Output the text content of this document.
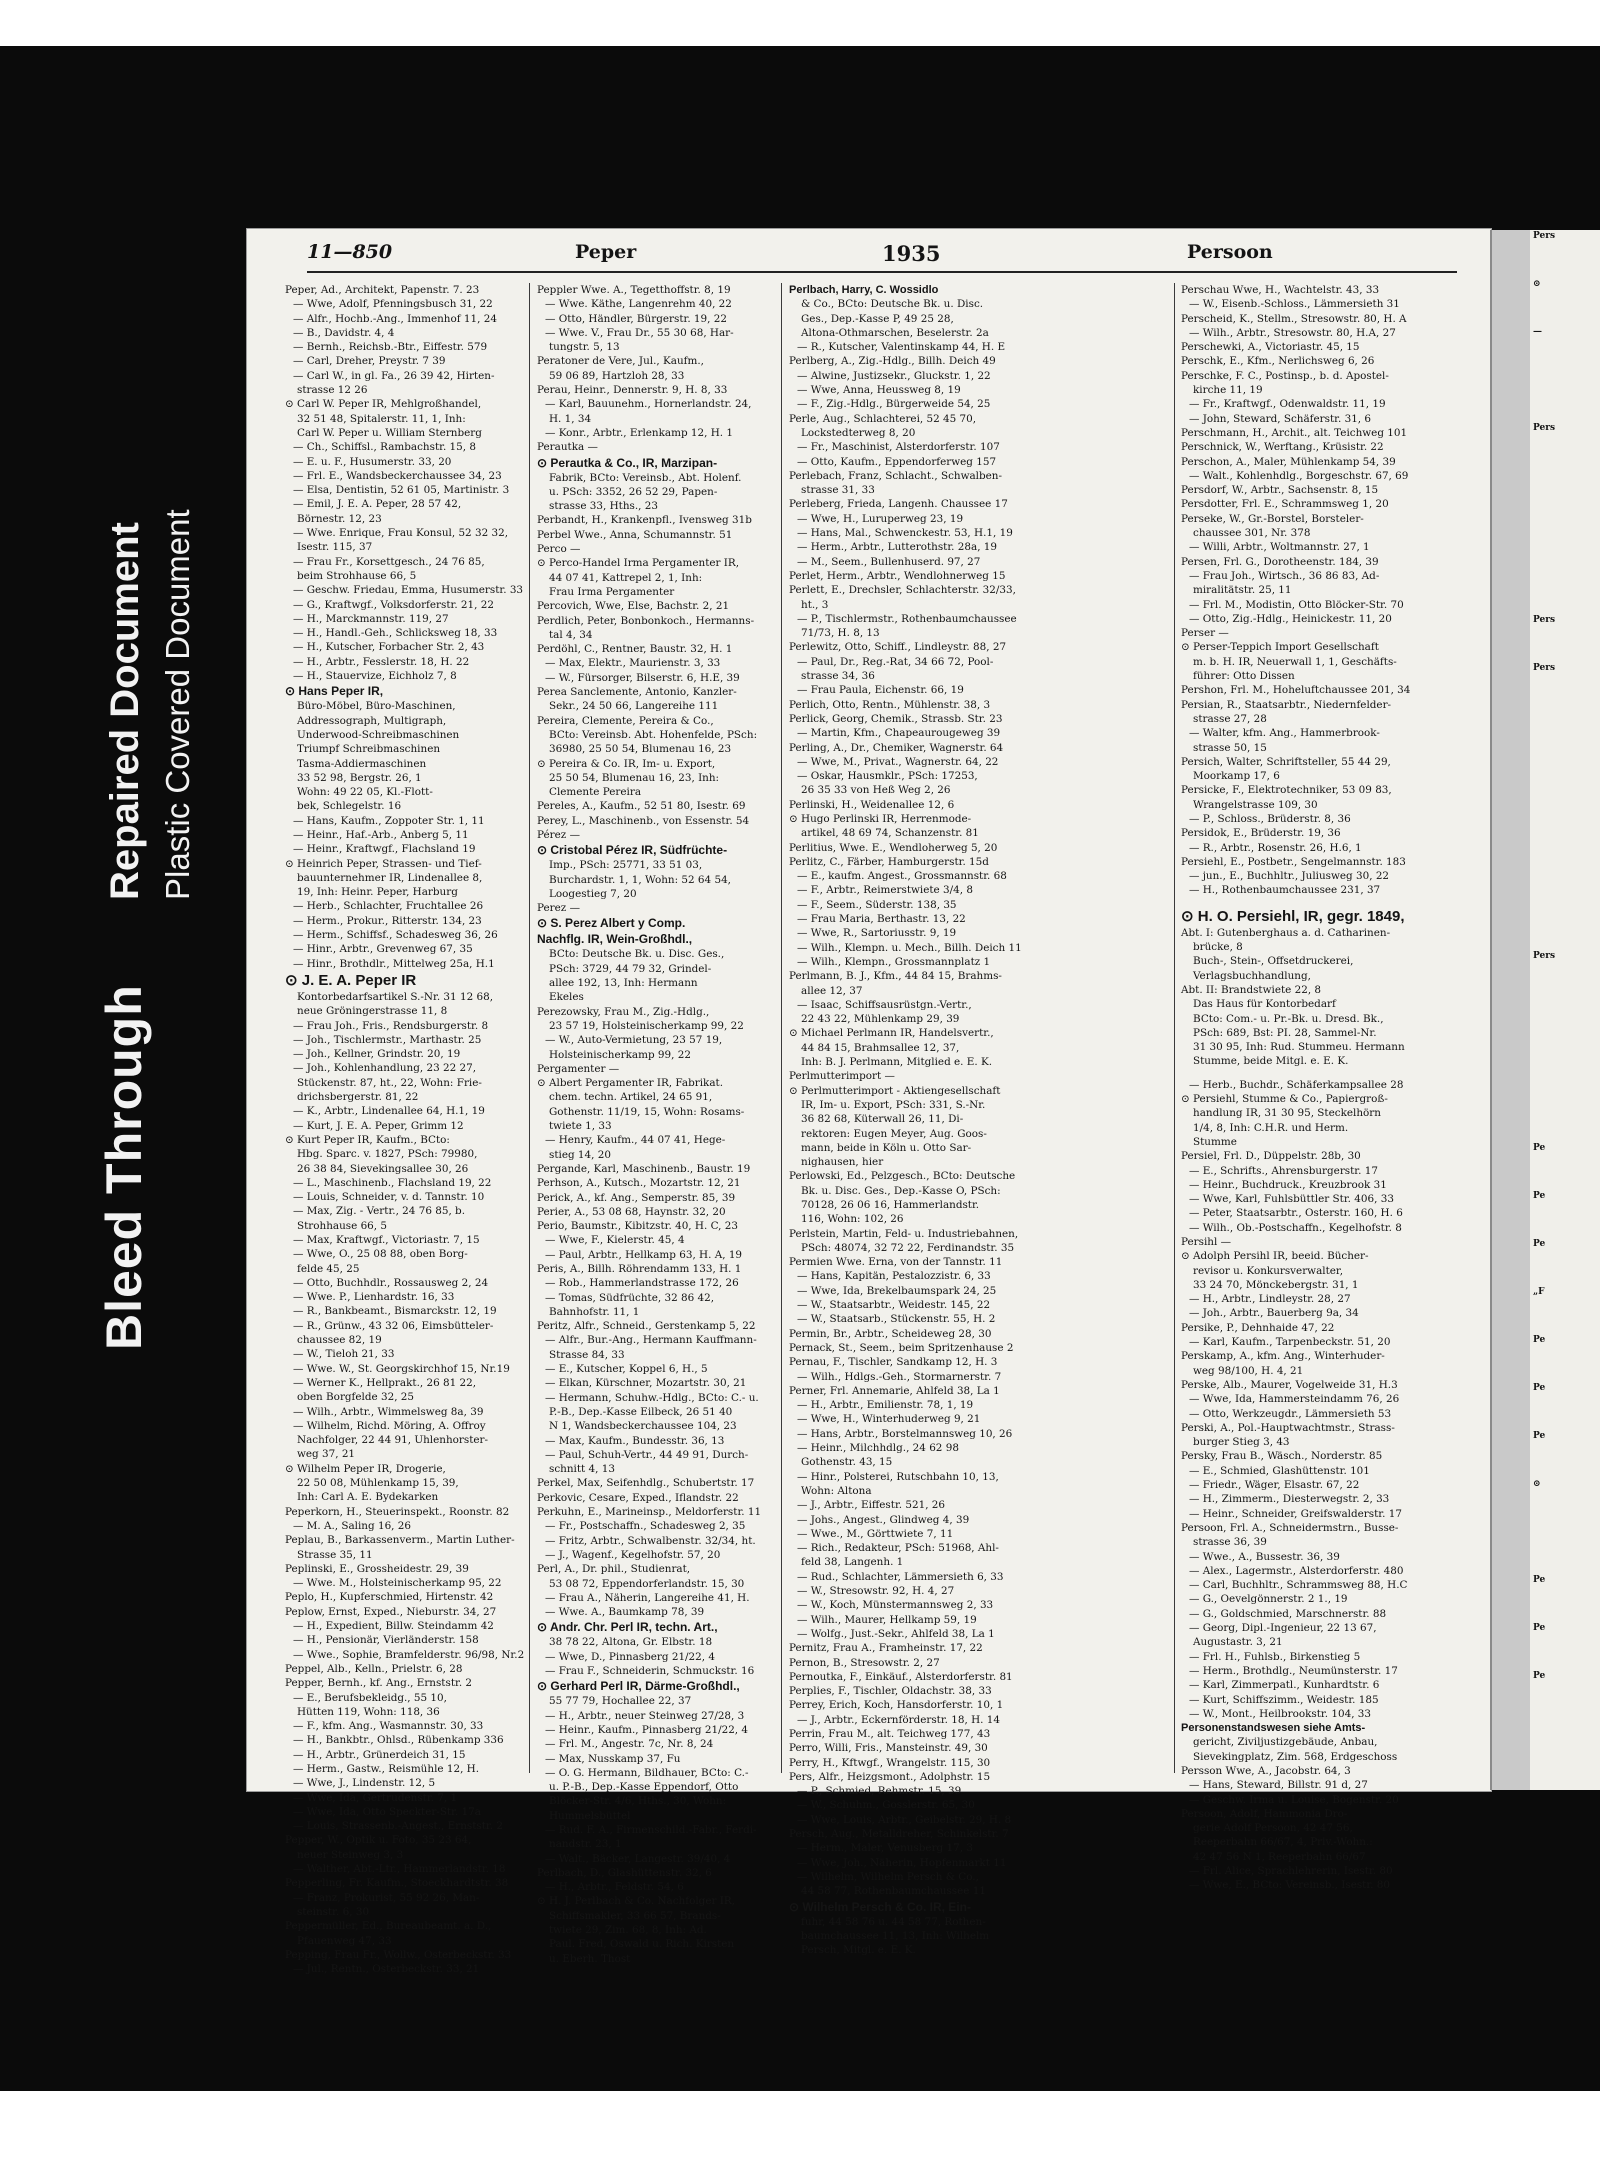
Bleed Through
Repaired Document Plastic Covered Document
11—850	Peper	1935	Persoon
Peper, Ad., Architekt, Papenstr. 7. 23
— Wwe, Adolf, Pfenningsbusch 31, 22
— Alfr., Hochb.-Ang., Immenhof 11, 24
— B., Davidstr. 4, 4
— Bernh., Reichsb.-Btr., Eiffestr. 579
— Carl, Dreher, Preystr. 7 39
— Carl W., in gl. Fa., 26 39 42, Hirten-
strasse 12 26
⊙ Carl W. Peper IR, Mehlgroßhandel,
32 51 48, Spitalerstr. 11, 1, Inh:
Carl W. Peper u. William Sternberg
— Ch., Schiffsl., Rambachstr. 15, 8
— E. u. F., Husumerstr. 33, 20
— Frl. E., Wandsbeckerchaussee 34, 23
— Elsa, Dentistin, 52 61 05, Martinistr. 3
— Emil, J. E. A. Peper, 28 57 42,
Börnestr. 12, 23
— Wwe. Enrique, Frau Konsul, 52 32 32,
Isestr. 115, 37
— Frau Fr., Korsettgesch., 24 76 85,
beim Strohhause 66, 5
— Geschw. Friedau, Emma, Husumerstr. 33
— G., Kraftwgf., Volksdorferstr. 21, 22
— H., Marckmannstr. 119, 27
— H., Handl.-Geh., Schlicksweg 18, 33
— H., Kutscher, Forbacher Str. 2, 43
— H., Arbtr., Fesslerstr. 18, H. 22
— H., Stauervize, Eichholz 7, 8
⊙ Hans Peper IR,
Büro-Möbel, Büro-Maschinen,
Addressograph, Multigraph,
Underwood-Schreibmaschinen
Triumpf Schreibmaschinen
Tasma-Addiermaschinen
33 52 98, Bergstr. 26, 1
Wohn: 49 22 05, Kl.-Flott-
bek, Schlegelstr. 16
— Hans, Kaufm., Zoppoter Str. 1, 11
— Heinr., Haf.-Arb., Anberg 5, 11
— Heinr., Kraftwgf., Flachsland 19
⊙ Heinrich Peper, Strassen- und Tief-
bauunternehmer IR, Lindenallee 8,
19, Inh: Heinr. Peper, Harburg
— Herb., Schlachter, Fruchtallee 26
— Herm., Prokur., Ritterstr. 134, 23
— Herm., Schiffsf., Schadesweg 36, 26
— Hinr., Arbtr., Grevenweg 67, 35
— Hinr., Brothdlr., Mittelweg 25a, H.1
⊙ J. E. A. Peper IR
Kontorbedarfsartikel S.-Nr. 31 12 68,
neue Gröningerstrasse 11, 8
— Frau Joh., Fris., Rendsburgerstr. 8
— Joh., Tischlermstr., Marthastr. 25
— Joh., Kellner, Grindstr. 20, 19
— Joh., Kohlenhandlung, 23 22 27,
Stückenstr. 87, ht., 22, Wohn: Frie-
drichsbergerstr. 81, 22
— K., Arbtr., Lindenallee 64, H.1, 19
— Kurt, J. E. A. Peper, Grimm 12
⊙ Kurt Peper IR, Kaufm., BCto:
Hbg. Sparc. v. 1827, PSch: 79980,
26 38 84, Sievekingsallee 30, 26
— L., Maschinenb., Flachsland 19, 22
— Louis, Schneider, v. d. Tannstr. 10
— Max, Zig. - Vertr., 24 76 85, b.
Strohhause 66, 5
— Max, Kraftwgf., Victoriastr. 7, 15
— Wwe, O., 25 08 88, oben Borg-
felde 45, 25
— Otto, Buchhdlr., Rossausweg 2, 24
— Wwe. P., Lienhardstr. 16, 33
— R., Bankbeamt., Bismarckstr. 12, 19
— R., Grünw., 43 32 06, Eimsbütteler-
chaussee 82, 19
— W., Tieloh 21, 33
— Wwe. W., St. Georgskirchhof 15, Nr.19
— Werner K., Hellprakt., 26 81 22,
oben Borgfelde 32, 25
— Wilh., Arbtr., Wimmelsweg 8a, 39
— Wilhelm, Richd. Möring, A. Offroy
Nachfolger, 22 44 91, Uhlenhorster-
weg 37, 21
⊙ Wilhelm Peper IR, Drogerie,
22 50 08, Mühlenkamp 15, 39,
Inh: Carl A. E. Bydekarken
Peperkorn, H., Steuerinspekt., Roonstr. 82
— M. A., Saling 16, 26
Peplau, B., Barkassenverm., Martin Luther-
Strasse 35, 11
Peplinski, E., Grossheidestr. 29, 39
— Wwe. M., Holsteinischerkamp 95, 22
Peplo, H., Kupferschmied, Hirtenstr. 42
Peplow, Ernst, Exped., Nieburstr. 34, 27
— H., Expedient, Billw. Steindamm 42
— H., Pensionär, Vierländerstr. 158
— Wwe., Sophie, Bramfelderstr. 96/98, Nr.2
Peppel, Alb., Kelln., Prielstr. 6, 28
Pepper, Bernh., kf. Ang., Ernststr. 2
— E., Berufsbekleidg., 55 10,
Hütten 119, Wohn: 118, 36
— F., kfm. Ang., Wasmannstr. 30, 33
— H., Bankbtr., Ohlsd., Rübenkamp 336
— H., Arbtr., Grünerdeich 31, 15
— Herm., Gastw., Reismühle 12, H.
— Wwe, J., Lindenstr. 12, 5
— Wwe, Ida, Gertrudenstr. 7, 1
— Wwe, Ida, Otto Speckter-Str. 17a
— Louis, Strassenb.-Angest., Ernststr. 2
Pepper, W., Optik u. Foto, 35 23 64,
neuer Steinweg 3, 3
— Walther, Abt.-Ltr., Hammerlandstr. 18
Pepperling, Fr. Kaufm., Stoeckhardtstr. 38
— Franz, Prokurist, 55 92 26, Man-
steinstr. 6, 30
Peppermüller, Ed., Bureaubeamt. a. D.,
Pfauenweg 47, 33
Pepping, Frau Fr., Wollw., Osterbeckstr. 33
— Jul., Rentn., Osterbeckstr. 33, 21
Peppler Wwe. A., Tegetthoffstr. 8, 19
— Wwe. Käthe, Langenrehm 40, 22
— Otto, Händler, Bürgerstr. 19, 22
— Wwe. V., Frau Dr., 55 30 68, Har-
tungstr. 5, 13
Peratoner de Vere, Jul., Kaufm.,
59 06 89, Hartzloh 28, 33
Perau, Heinr., Dennerstr. 9, H. 8, 33
— Karl, Bauunehm., Hornerlandstr. 24,
H. 1, 34
— Konr., Arbtr., Erlenkamp 12, H. 1
Perautka —
⊙ Perautka & Co., IR, Marzipan-
Fabrik, BCto: Vereinsb., Abt. Holenf.
u. PSch: 3352, 26 52 29, Papen-
strasse 33, Hths., 23
Perbandt, H., Krankenpfl., Ivensweg 31b
Perbel Wwe., Anna, Schumannstr. 51
Perco —
⊙ Perco-Handel Irma Pergamenter IR,
44 07 41, Kattrepel 2, 1, Inh:
Frau Irma Pergamenter
Percovich, Wwe, Else, Bachstr. 2, 21
Perdlich, Peter, Bonbonkoch., Hermanns-
tal 4, 34
Perdöhl, C., Rentner, Baustr. 32, H. 1
— Max, Elektr., Maurienstr. 3, 33
— W., Fürsorger, Bilserstr. 6, H.E, 39
Perea Sanclemente, Antonio, Kanzler-
Sekr., 24 50 66, Langereihe 111
Pereira, Clemente, Pereira & Co.,
BCto: Vereinsb. Abt. Hohenfelde, PSch:
36980, 25 50 54, Blumenau 16, 23
⊙ Pereira & Co. IR, Im- u. Export,
25 50 54, Blumenau 16, 23, Inh:
Clemente Pereira
Pereles, A., Kaufm., 52 51 80, Isestr. 69
Perey, L., Maschinenb., von Essenstr. 54
Pérez —
⊙ Cristobal Pérez IR, Südfrüchte-
Imp., PSch: 25771, 33 51 03,
Burchardstr. 1, 1, Wohn: 52 64 54,
Loogestieg 7, 20
Perez —
⊙ S. Perez Albert y Comp.
Nachflg. IR, Wein-Großhdl.,
BCto: Deutsche Bk. u. Disc. Ges.,
PSch: 3729, 44 79 32, Grindel-
allee 192, 13, Inh: Hermann
Ekeles
Perezowsky, Frau M., Zig.-Hdlg.,
23 57 19, Holsteinischerkamp 99, 22
— W., Auto-Vermietung, 23 57 19,
Holsteinischerkamp 99, 22
Pergamenter —
⊙ Albert Pergamenter IR, Fabrikat.
chem. techn. Artikel, 24 65 91,
Gothenstr. 11/19, 15, Wohn: Rosams-
twiete 1, 33
— Henry, Kaufm., 44 07 41, Hege-
stieg 14, 20
Pergande, Karl, Maschinenb., Baustr. 19
Perhson, A., Kutsch., Mozartstr. 12, 21
Perick, A., kf. Ang., Semperstr. 85, 39
Perier, A., 53 08 68, Haynstr. 32, 20
Perio, Baumstr., Kibitzstr. 40, H. C, 23
— Wwe, F., Kielerstr. 45, 4
— Paul, Arbtr., Hellkamp 63, H. A, 19
Peris, A., Billh. Röhrendamm 133, H. 1
— Rob., Hammerlandstrasse 172, 26
— Tomas, Südfrüchte, 32 86 42,
Bahnhofstr. 11, 1
Peritz, Alfr., Schneid., Gerstenkamp 5, 22
— Alfr., Bur.-Ang., Hermann Kauffmann-
Strasse 84, 33
— E., Kutscher, Koppel 6, H., 5
— Elkan, Kürschner, Mozartstr. 30, 21
— Hermann, Schuhw.-Hdlg., BCto: C.- u.
P.-B., Dep.-Kasse Eilbeck, 26 51 40
N 1, Wandsbeckerchaussee 104, 23
— Max, Kaufm., Bundesstr. 36, 13
— Paul, Schuh-Vertr., 44 49 91, Durch-
schnitt 4, 13
Perkel, Max, Seifenhdlg., Schubertstr. 17
Perkovic, Cesare, Exped., Iflandstr. 22
Perkuhn, E., Marineinsp., Meldorferstr. 11
— Fr., Postschaffn., Schadesweg 2, 35
— Fritz, Arbtr., Schwalbenstr. 32/34, ht.
— J., Wagenf., Kegelhofstr. 57, 20
Perl, A., Dr. phil., Studienrat,
53 08 72, Eppendorferlandstr. 15, 30
— Frau A., Näherin, Langereihe 41, H.
— Wwe. A., Baumkamp 78, 39
⊙ Andr. Chr. Perl IR, techn. Art.,
38 78 22, Altona, Gr. Elbstr. 18
— Wwe, D., Pinnasberg 21/22, 4
— Frau F., Schneiderin, Schmuckstr. 16
⊙ Gerhard Perl IR, Därme-Großhdl.,
55 77 79, Hochallee 22, 37
— H., Arbtr., neuer Steinweg 27/28, 3
— Heinr., Kaufm., Pinnasberg 21/22, 4
— Frl. M., Angestr. 7c, Nr. 8, 24
— Max, Nusskamp 37, Fu
— O. G. Hermann, Bildhauer, BCto: C.-
u. P.-B., Dep.-Kasse Eppendorf, Otto
Blöcker-Str. 4/6, Hths., 30, Wohn:
Hummelsbüttel
— Rud. F. A., Firmenschild.-Fabr., Ferdi-
nandstr. 23, 1
— Walt., Bäcker, Langestr. 39/40, 4
Perlbach, D., Glashüttenstr. 32, 6
— H., Arbtr., Feldstr. 54, 6
⊙ H. J. Perlbach & Co. Nachfolger IR,
Schiffsmakler, 33 66 57, Brands-
twiete 29, Zim. 68, 8, Inh: Ad.
Paul. Fred, Oswald u. Rich. Kirsten
u. Eberh. Thost
Perlbach, Harry, C. Wossidlo
& Co., BCto: Deutsche Bk. u. Disc.
Ges., Dep.-Kasse P, 49 25 28,
Altona-Othmarschen, Beselerstr. 2a
— R., Kutscher, Valentinskamp 44, H. E
Perlberg, A., Zig.-Hdlg., Billh. Deich 49
— Alwine, Justizsekr., Gluckstr. 1, 22
— Wwe, Anna, Heussweg 8, 19
— F., Zig.-Hdlg., Bürgerweide 54, 25
Perle, Aug., Schlachterei, 52 45 70,
Lockstedterweg 8, 20
— Fr., Maschinist, Alsterdorferstr. 107
— Otto, Kaufm., Eppendorferweg 157
Perlebach, Franz, Schlacht., Schwalben-
strasse 31, 33
Perleberg, Frieda, Langenh. Chaussee 17
— Wwe, H., Luruperweg 23, 19
— Hans, Mal., Schwenckestr. 53, H.1, 19
— Herm., Arbtr., Lutterothstr. 28a, 19
— M., Seem., Bullenhuserd. 97, 27
Perlet, Herm., Arbtr., Wendlohnerweg 15
Perlett, E., Drechsler, Schlachterstr. 32/33,
ht., 3
— P., Tischlermstr., Rothenbaumchaussee
71/73, H. 8, 13
Perlewitz, Otto, Schiff., Lindleystr. 88, 27
— Paul, Dr., Reg.-Rat, 34 66 72, Pool-
strasse 34, 36
— Frau Paula, Eichenstr. 66, 19
Perlich, Otto, Rentn., Mühlenstr. 38, 3
Perlick, Georg, Chemik., Strassb. Str. 23
— Martin, Kfm., Chapeaurougeweg 39
Perling, A., Dr., Chemiker, Wagnerstr. 64
— Wwe, M., Privat., Wagnerstr. 64, 22
— Oskar, Hausmklr., PSch: 17253,
26 35 33 von Heß Weg 2, 26
Perlinski, H., Weidenallee 12, 6
⊙ Hugo Perlinski IR, Herrenmode-
artikel, 48 69 74, Schanzenstr. 81
Perlitius, Wwe. E., Wendloherweg 5, 20
Perlitz, C., Färber, Hamburgerstr. 15d
— E., kaufm. Angest., Grossmannstr. 68
— F., Arbtr., Reimerstwiete 3/4, 8
— F., Seem., Süderstr. 138, 35
— Frau Maria, Berthastr. 13, 22
— Wwe, R., Sartoriusstr. 9, 19
— Wilh., Klempn. u. Mech., Billh. Deich 11
— Wilh., Klempn., Grossmannplatz 1
Perlmann, B. J., Kfm., 44 84 15, Brahms-
allee 12, 37
— Isaac, Schiffsausrüstgn.-Vertr.,
22 43 22, Mühlenkamp 29, 39
⊙ Michael Perlmann IR, Handelsvertr.,
44 84 15, Brahmsallee 12, 37,
Inh: B. J. Perlmann, Mitglied e. E. K.
Perlmutterimport —
⊙ Perlmutterimport - Aktiengesellschaft
IR, Im- u. Export, PSch: 331, S.-Nr.
36 82 68, Küterwall 26, 11, Di-
rektoren: Eugen Meyer, Aug. Goos-
mann, beide in Köln u. Otto Sar-
nighausen, hier
Perlowski, Ed., Pelzgesch., BCto: Deutsche
Bk. u. Disc. Ges., Dep.-Kasse O, PSch:
70128, 26 06 16, Hammerlandstr.
116, Wohn: 102, 26
Perlstein, Martin, Feld- u. Industriebahnen,
PSch: 48074, 32 72 22, Ferdinandstr. 35
Permien Wwe. Erna, von der Tannstr. 11
— Hans, Kapitän, Pestalozzistr. 6, 33
— Wwe, Ida, Brekelbaumspark 24, 25
— W., Staatsarbtr., Weidestr. 145, 22
— W., Staatsarb., Stückenstr. 55, H. 2
Permin, Br., Arbtr., Scheideweg 28, 30
Pernack, St., Seem., beim Spritzenhause 2
Pernau, F., Tischler, Sandkamp 12, H. 3
— Wilh., Hdlgs.-Geh., Stormarnerstr. 7
Perner, Frl. Annemarie, Ahlfeld 38, La 1
— H., Arbtr., Emilienstr. 78, 1, 19
— Wwe, H., Winterhuderweg 9, 21
— Hans, Arbtr., Borstelmannsweg 10, 26
— Heinr., Milchhdlg., 24 62 98
Gothenstr. 43, 15
— Hinr., Polsterei, Rutschbahn 10, 13,
Wohn: Altona
— J., Arbtr., Eiffestr. 521, 26
— Johs., Angest., Glindweg 4, 39
— Wwe., M., Görttwiete 7, 11
— Rich., Redakteur, PSch: 51968, Ahl-
feld 38, Langenh. 1
— Rud., Schlachter, Lämmersieth 6, 33
— W., Stresowstr. 92, H. 4, 27
— W., Koch, Münstermannsweg 2, 33
— Wilh., Maurer, Hellkamp 59, 19
— Wolfg., Just.-Sekr., Ahlfeld 38, La 1
Pernitz, Frau A., Framheinstr. 17, 22
Pernon, B., Stresowstr. 2, 27
Pernoutka, F., Einkäuf., Alsterdorferstr. 81
Perplies, F., Tischler, Oldachstr. 38, 33
Perrey, Erich, Koch, Hansdorferstr. 10, 1
— J., Arbtr., Eckernförderstr. 18, H. 14
Perrin, Frau M., alt. Teichweg 177, 43
Perro, Willi, Fris., Mansteinstr. 49, 30
Perry, H., Kftwgf., Wrangelstr. 115, 30
Pers, Alfr., Heizgsmont., Adolphstr. 15
— P., Schmied, Rehmstr. 15, 39
— W., Schuhm., Gosslerstr. 65, 30
— Wwe, Louis, Arbtr., Geibelstr. 29, H. 8
Persch, Aug., Metalldreher, Schinkelstr. 7
— Herm., Maler, Venusberg 17, 3
— Wwe, Joh., Näherin, Hopfenmarkt 11
— Wilhelm, Wilhelm Persch & Co.,
44 58 77, Rothenbaumchaussee 11
⊙ Wilhelm Persch & Co. IR, Ein-
fuhr, 44 58 76 u. 44 58 77, Rothen-
baumchaussee 11, 13, Inh: Wilhelm
Persch, Mitgl. e. E. K.
Perschau Wwe, H., Wachtelstr. 43, 33
— W., Eisenb.-Schloss., Lämmersieth 31
Perscheid, K., Stellm., Stresowstr. 80, H. A
— Wilh., Arbtr., Stresowstr. 80, H.A, 27
Perschewki, A., Victoriastr. 45, 15
Perschk, E., Kfm., Nerlichsweg 6, 26
Perschke, F. C., Postinsp., b. d. Apostel-
kirche 11, 19
— Fr., Kraftwgf., Odenwaldstr. 11, 19
— John, Steward, Schäferstr. 31, 6
Perschmann, H., Archit., alt. Teichweg 101
Perschnick, W., Werftang., Krüsistr. 22
Perschon, A., Maler, Mühlenkamp 54, 39
— Walt., Kohlenhdlg., Borgeschstr. 67, 69
Persdorf, W., Arbtr., Sachsenstr. 8, 15
Persdotter, Frl. E., Schrammsweg 1, 20
Perseke, W., Gr.-Borstel, Borsteler-
chaussee 301, Nr. 378
— Willi, Arbtr., Woltmannstr. 27, 1
Persen, Frl. G., Dorotheenstr. 184, 39
— Frau Joh., Wirtsch., 36 86 83, Ad-
miralitätstr. 25, 11
— Frl. M., Modistin, Otto Blöcker-Str. 70
— Otto, Zig.-Hdlg., Heinickestr. 11, 20
Perser —
⊙ Perser-Teppich Import Gesellschaft
m. b. H. IR, Neuerwall 1, 1, Geschäfts-
führer: Otto Dissen
Pershon, Frl. M., Hoheluftchaussee 201, 34
Persian, R., Staatsarbtr., Niedernfelder-
strasse 27, 28
— Walter, kfm. Ang., Hammerbrook-
strasse 50, 15
Persich, Walter, Schriftsteller, 55 44 29,
Moorkamp 17, 6
Persicke, F., Elektrotechniker, 53 09 83,
Wrangelstrasse 109, 30
— P., Schloss., Brüderstr. 8, 36
Persidok, E., Brüderstr. 19, 36
— R., Arbtr., Rosenstr. 26, H.6, 1
Persiehl, E., Postbetr., Sengelmannstr. 183
— jun., E., Buchhltr., Juliusweg 30, 22
— H., Rothenbaumchaussee 231, 37
⊙ H. O. Persiehl, IR, gegr. 1849,
Abt. I: Gutenberghaus a. d. Catharinen-
brücke, 8
Buch-, Stein-, Offsetdruckerei,
Verlagsbuchhandlung,
Abt. II: Brandstwiete 22, 8
Das Haus für Kontorbedarf
BCto: Com.- u. Pr.-Bk. u. Dresd. Bk.,
PSch: 689, Bst: PI. 28, Sammel-Nr.
31 30 95, Inh: Rud. Stummeu. Hermann
Stumme, beide Mitgl. e. E. K.
— Herb., Buchdr., Schäferkampsallee 28
⊙ Persiehl, Stumme & Co., Papiergroß-
handlung IR, 31 30 95, Steckelhörn
1/4, 8, Inh: C.H.R. und Herm.
Stumme
Persiel, Frl. D., Düppelstr. 28b, 30
— E., Schrifts., Ahrensburgerstr. 17
— Heinr., Buchdruck., Kreuzbrook 31
— Wwe, Karl, Fuhlsbüttler Str. 406, 33
— Peter, Staatsarbtr., Osterstr. 160, H. 6
— Wilh., Ob.-Postschaffn., Kegelhofstr. 8
Persihl —
⊙ Adolph Persihl IR, beeid. Bücher-
revisor u. Konkursverwalter,
33 24 70, Mönckebergstr. 31, 1
— H., Arbtr., Lindleystr. 28, 27
— Joh., Arbtr., Bauerberg 9a, 34
Persike, P., Dehnhaide 47, 22
— Karl, Kaufm., Tarpenbeckstr. 51, 20
Perskamp, A., kfm. Ang., Winterhuder-
weg 98/100, H. 4, 21
Perske, Alb., Maurer, Vogelweide 31, H.3
— Wwe, Ida, Hammersteindamm 76, 26
— Otto, Werkzeugdr., Lämmersieth 53
Perski, A., Pol.-Hauptwachtmstr., Strass-
burger Stieg 3, 43
Persky, Frau B., Wäsch., Norderstr. 85
— E., Schmied, Glashüttenstr. 101
— Friedr., Wäger, Elsastr. 67, 22
— H., Zimmerm., Diesterwegstr. 2, 33
— Heinr., Schneider, Greifswalderstr. 17
Persoon, Frl. A., Schneidermstrn., Busse-
strasse 36, 39
— Wwe., A., Bussestr. 36, 39
— Alex., Lagermstr., Alsterdorferstr. 480
— Carl, Buchhltr., Schrammsweg 88, H.C
— G., Oevelgönnerstr. 2 1., 19
— G., Goldschmied, Marschnerstr. 88
— Georg, Dipl.-Ingenieur, 22 13 67,
Augustastr. 3, 21
— Frl. H., Fuhlsb., Birkenstieg 5
— Herm., Brothdlg., Neumünsterstr. 17
— Karl, Zimmerpatl., Kunhardtstr. 6
— Kurt, Schiffszimm., Weidestr. 185
— W., Mont., Heilbrookstr. 104, 33
Personenstandswesen siehe Amts-
gericht, Ziviljustizgebäude, Anbau,
Sievekingplatz, Zim. 568, Erdgeschoss
Persson Wwe, A., Jacobstr. 64, 3
— Hans, Steward, Billstr. 91 d, 27
— Geschw. Irma u. Louise, Bogenstr. 20
Persoon, Adolf, Hammonia Dro-
gerie Adolf Persoon, 42 47 56,
Reeperbahn 66/67, 4, Priv.-Wohn.:
42 47 56 N 1, Reeperbahn 66/67
— Frl. Alice, Sprachlehrerin, Isestr. 80
— Wwe, E., BCto: Vereinsb., Isestr. 80
Pers
⊙
—
Pers
Pers
Pers
Pers
Pe
Pe
Pe
„F
Pe
Pe
Pe
⊙
Pe
Pe
Pe
